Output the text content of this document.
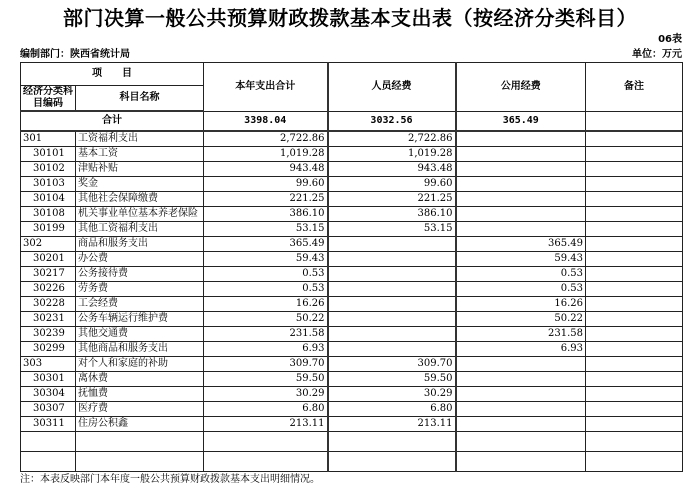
部门决算一般公共预算财政拨款基本支出表（按经济分类科目）
06表
编制部门：陕西省统计局	单位：万元
项　　目		本年支出合计	人员经费	公用经费	备注
经济分类科目编码	科目名称				
合计		3398.04	3032.56	365.49	
301	工资福利支出	2,722.86	2,722.86		
30101	基本工资	1,019.28	1,019.28		
30102	津贴补贴	943.48	943.48		
30103	奖金	99.60	99.60		
30104	其他社会保障缴费	221.25	221.25		
30108	机关事业单位基本养老保险	386.10	386.10		
30199	其他工资福利支出	53.15	53.15		
302	商品和服务支出	365.49		365.49	
30201	办公费	59.43		59.43	
30217	公务接待费	0.53		0.53	
30226	劳务费	0.53		0.53	
30228	工会经费	16.26		16.26	
30231	公务车辆运行维护费	50.22		50.22	
30239	其他交通费	231.58		231.58	
30299	其他商品和服务支出	6.93		6.93	
303	对个人和家庭的补助	309.70	309.70		
30301	离休费	59.50	59.50		
30304	抚恤费	30.29	30.29		
30307	医疗费	6.80	6.80		
30311	住房公积鑫	213.11	213.11		

注：本表反映部门本年度一般公共预算财政拨款基本支出明细情况。
